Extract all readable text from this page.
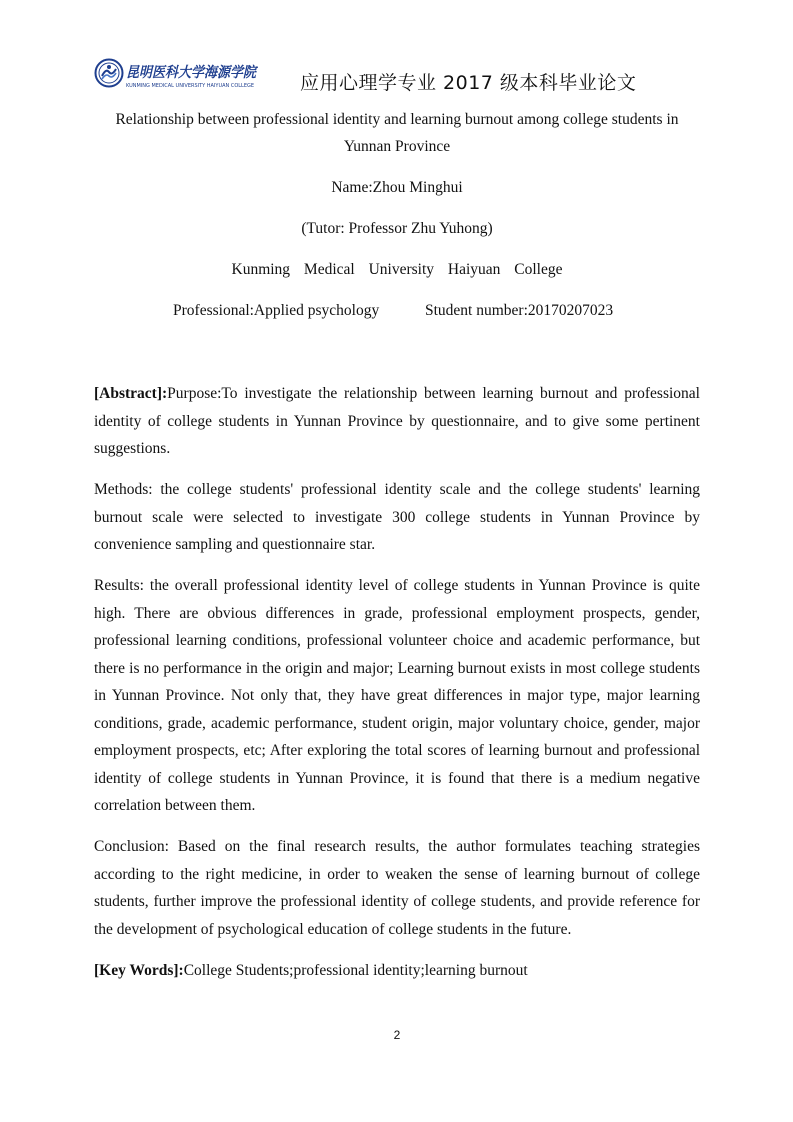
昆明医科大学海源学院
KUNMING MEDICAL UNIVERSITY HAIYUAN COLLEGE 应用心理学专业 2017 级本科毕业论文
Relationship between professional identity and learning burnout among college students in
Yunnan Province
Name:Zhou Minghui
(Tutor: Professor Zhu Yuhong)
Kunming Medical University Haiyuan College
Professional:Applied psychology	Student number:20170207023

[Abstract]:Purpose:To investigate the relationship between learning burnout and professional identity of college students in Yunnan Province by questionnaire, and to give some pertinent suggestions.

Methods: the college students' professional identity scale and the college students' learning burnout scale were selected to investigate 300 college students in Yunnan Province by convenience sampling and questionnaire star.

Results: the overall professional identity level of college students in Yunnan Province is quite high. There are obvious differences in grade, professional employment prospects, gender, professional learning conditions, professional volunteer choice and academic performance, but there is no performance in the origin and major; Learning burnout exists in most college students in Yunnan Province. Not only that, they have great differences in major type, major learning conditions, grade, academic performance, student origin, major voluntary choice, gender, major employment prospects, etc; After exploring the total scores of learning burnout and professional identity of college students in Yunnan Province, it is found that there is a medium negative correlation between them.

Conclusion: Based on the final research results, the author formulates teaching strategies according to the right medicine, in order to weaken the sense of learning burnout of college students, further improve the professional identity of college students, and provide reference for the development of psychological education of college students in the future.

[Key Words]:College Students;professional identity;learning burnout

2
